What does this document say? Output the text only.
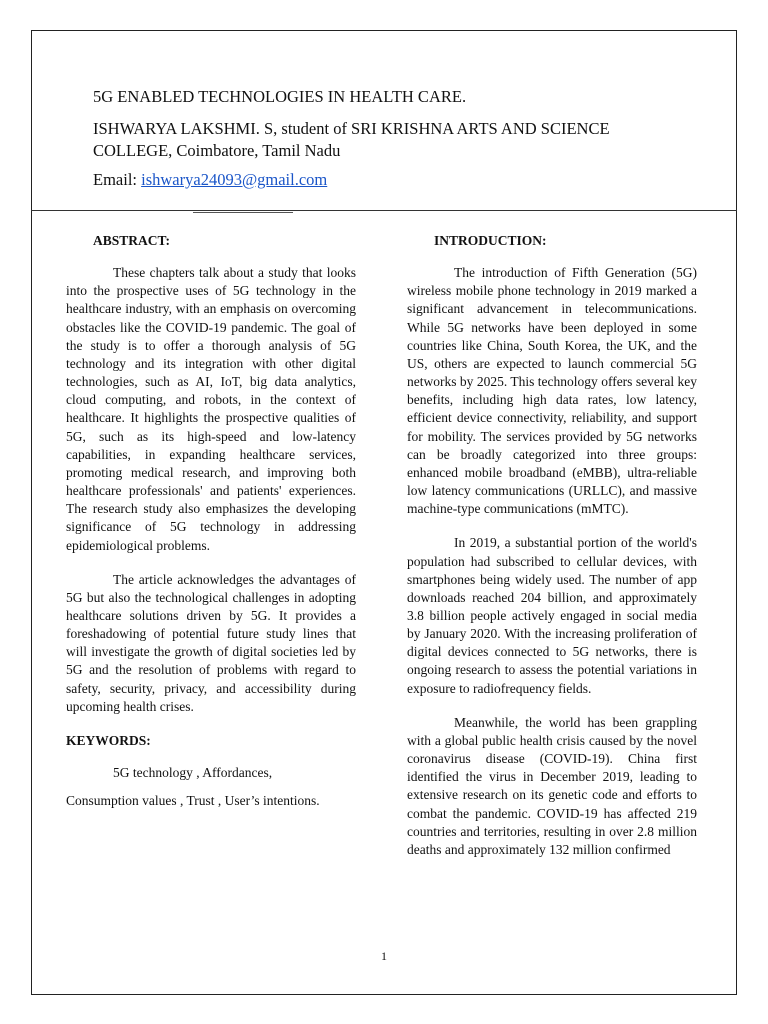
5G ENABLED TECHNOLOGIES IN HEALTH CARE.
ISHWARYA LAKSHMI. S, student of SRI KRISHNA ARTS AND SCIENCE COLLEGE, Coimbatore, Tamil Nadu
Email: ishwarya24093@gmail.com
ABSTRACT:

These chapters talk about a study that looks into the prospective uses of 5G technology in the healthcare industry, with an emphasis on overcoming obstacles like the COVID-19 pandemic. The goal of the study is to offer a thorough analysis of 5G technology and its integration with other digital technologies, such as AI, IoT, big data analytics, cloud computing, and robots, in the context of healthcare. It highlights the prospective qualities of 5G, such as its high-speed and low-latency capabilities, in expanding healthcare services, promoting medical research, and improving both healthcare professionals' and patients' experiences. The research study also emphasizes the developing significance of 5G technology in addressing epidemiological problems.

The article acknowledges the advantages of 5G but also the technological challenges in adopting healthcare solutions driven by 5G. It provides a foreshadowing of potential future study lines that will investigate the growth of digital societies led by 5G and the resolution of problems with regard to safety, security, privacy, and accessibility during upcoming health crises.

KEYWORDS:

5G technology , Affordances,

Consumption values , Trust , User’s intentions.

INTRODUCTION:

The introduction of Fifth Generation (5G) wireless mobile phone technology in 2019 marked a significant advancement in telecommunications. While 5G networks have been deployed in some countries like China, South Korea, the UK, and the US, others are expected to launch commercial 5G networks by 2025. This technology offers several key benefits, including high data rates, low latency, efficient device connectivity, reliability, and support for mobility. The services provided by 5G networks can be broadly categorized into three groups: enhanced mobile broadband (eMBB), ultra-reliable low latency communications (URLLC), and massive machine-type communications (mMTC).

In 2019, a substantial portion of the world's population had subscribed to cellular devices, with smartphones being widely used. The number of app downloads reached 204 billion, and approximately 3.8 billion people actively engaged in social media by January 2020. With the increasing proliferation of digital devices connected to 5G networks, there is ongoing research to assess the potential variations in exposure to radiofrequency fields.

Meanwhile, the world has been grappling with a global public health crisis caused by the novel coronavirus disease (COVID-19). China first identified the virus in December 2019, leading to extensive research on its genetic code and efforts to combat the pandemic. COVID-19 has affected 219 countries and territories, resulting in over 2.8 million deaths and approximately 132 million confirmed

1
